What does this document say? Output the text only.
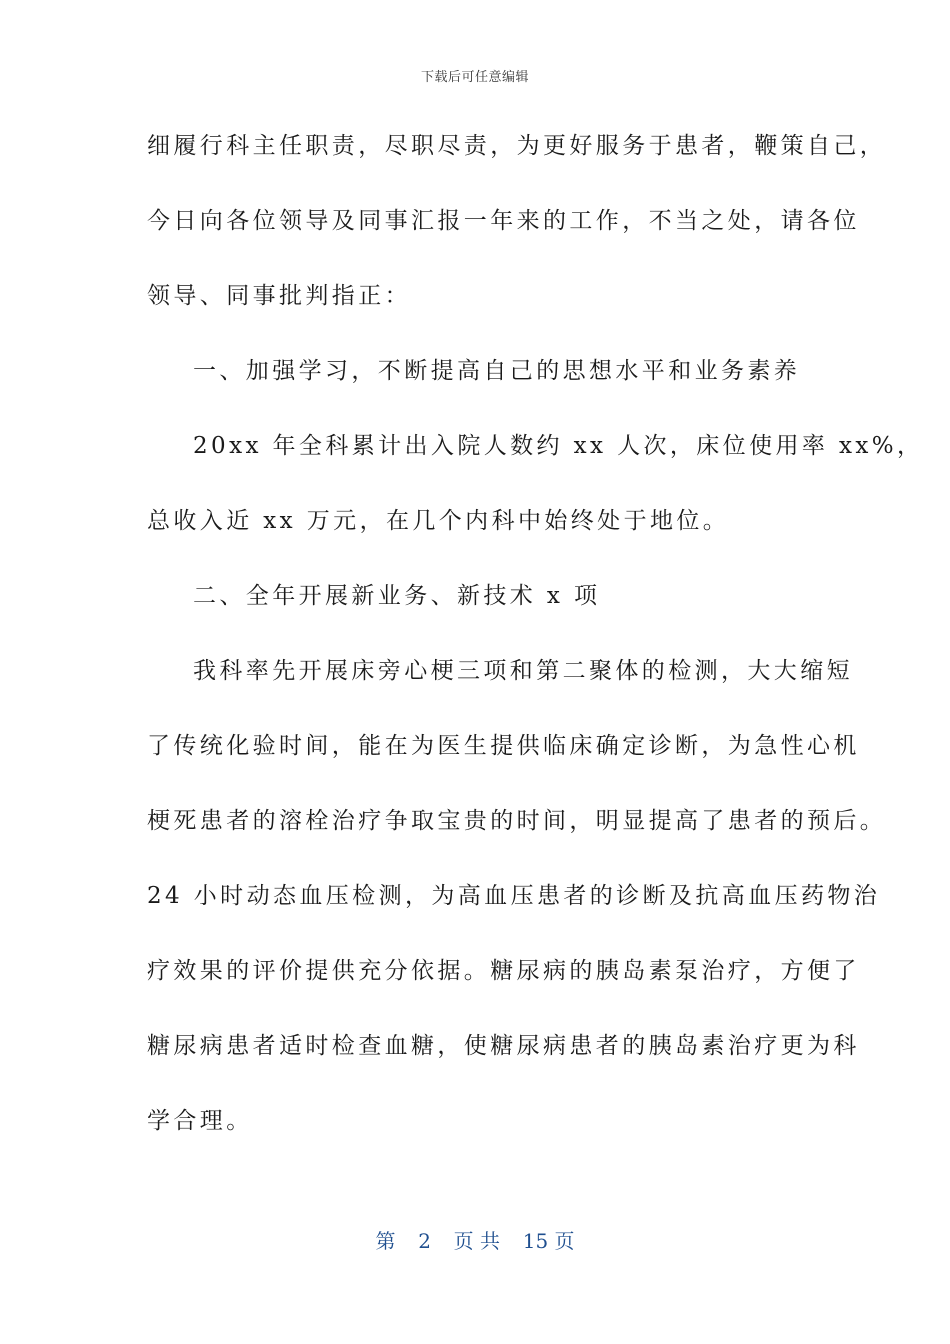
下载后可任意编辑
细履行科主任职责，尽职尽责，为更好服务于患者，鞭策自己，
今日向各位领导及同事汇报一年来的工作，不当之处，请各位
领导、同事批判指正：
一、加强学习，不断提高自己的思想水平和业务素养
20xx 年全科累计出入院人数约 xx 人次，床位使用率 xx%，
总收入近 xx 万元，在几个内科中始终处于地位。
二、全年开展新业务、新技术 x 项
我科率先开展床旁心梗三项和第二聚体的检测，大大缩短
了传统化验时间，能在为医生提供临床确定诊断，为急性心机
梗死患者的溶栓治疗争取宝贵的时间，明显提高了患者的预后。
24 小时动态血压检测，为高血压患者的诊断及抗高血压药物治
疗效果的评价提供充分依据。糖尿病的胰岛素泵治疗，方便了
糖尿病患者适时检查血糖，使糖尿病患者的胰岛素治疗更为科
学合理。
第 2 页 共 15 页
